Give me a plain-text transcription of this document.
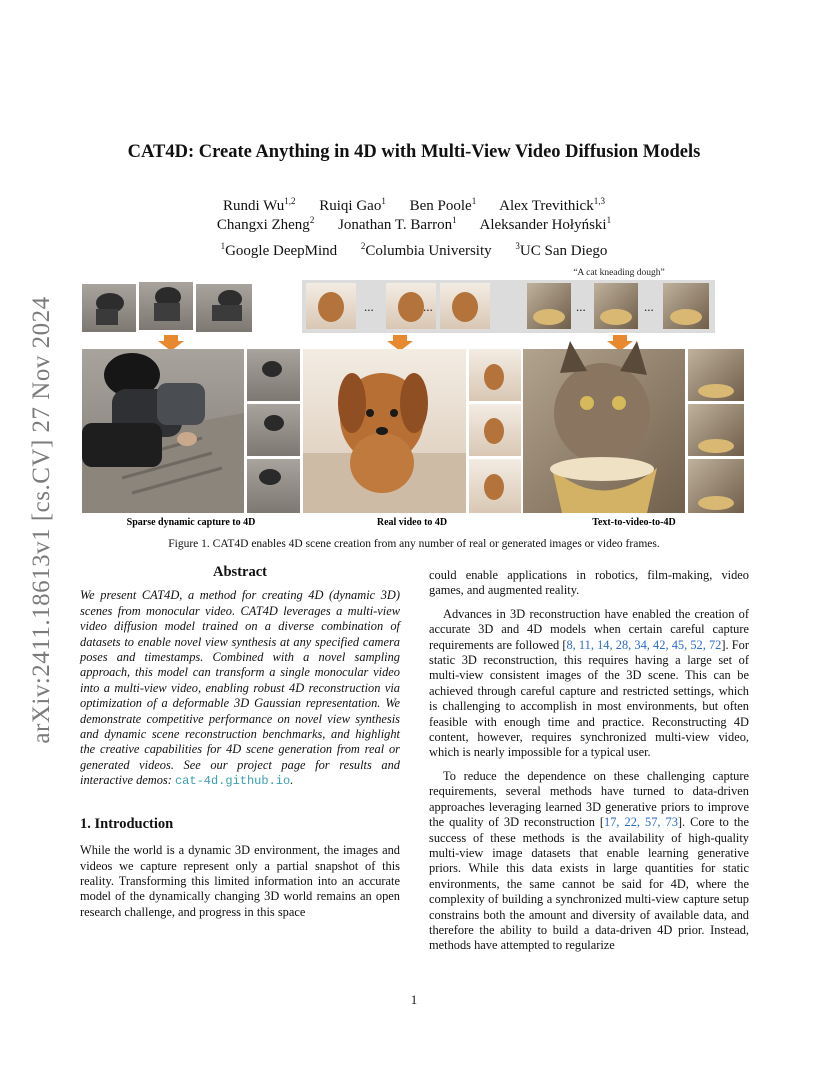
arXiv:2411.18613v1 [cs.CV] 27 Nov 2024
CAT4D: Create Anything in 4D with Multi-View Video Diffusion Models
Rundi Wu$^{1,2}$ Ruiqi Gao$^1$ Ben Poole$^1$ Alex Trevithick$^{1,3}$
Changxi Zheng$^2$ Jonathan T. Barron$^1$ Aleksander Hołyński$^1$
$^1$Google DeepMind	$^2$Columbia University	$^3$UC San Diego
“A cat kneading dough”
...	...	...	...
Sparse dynamic capture to 4D	Real video to 4D	Text-to-video-to-4D
Figure 1. CAT4D enables 4D scene creation from any number of real or generated images or video frames.
Abstract

We present CAT4D, a method for creating 4D (dynamic 3D) scenes from monocular video. CAT4D leverages a multi-view video diffusion model trained on a diverse combination of datasets to enable novel view synthesis at any specified camera poses and timestamps. Combined with a novel sampling approach, this model can transform a single monocular video into a multi-view video, enabling robust 4D reconstruction via optimization of a deformable 3D Gaussian representation. We demonstrate competitive performance on novel view synthesis and dynamic scene reconstruction benchmarks, and highlight the creative capabilities for 4D scene generation from real or generated videos. See our project page for results and interactive demos: cat-4d.github.io.

1. Introduction

While the world is a dynamic 3D environment, the images and videos we capture represent only a partial snapshot of this reality. Transforming this limited information into an accurate model of the dynamically changing 3D world remains an open research challenge, and progress in this space

could enable applications in robotics, film-making, video games, and augmented reality.

Advances in 3D reconstruction have enabled the creation of accurate 3D and 4D models when certain careful capture requirements are followed [8, 11, 14, 28, 34, 42, 45, 52, 72]. For static 3D reconstruction, this requires having a large set of multi-view consistent images of the 3D scene. This can be achieved through careful capture and restricted settings, which is challenging to accomplish in most environments, but often feasible with enough time and practice. Reconstructing 4D content, however, requires synchronized multi-view video, which is nearly impossible for a typical user.

To reduce the dependence on these challenging capture requirements, several methods have turned to data-driven approaches leveraging learned 3D generative priors to improve the quality of 3D reconstruction [17, 22, 57, 73]. Core to the success of these methods is the availability of high-quality multi-view image datasets that enable learning generative priors. While this data exists in large quantities for static environments, the same cannot be said for 4D, where the complexity of building a synchronized multi-view capture setup constrains both the amount and diversity of available data, and therefore the ability to build a data-driven 4D prior. Instead, methods have attempted to regularize

1
